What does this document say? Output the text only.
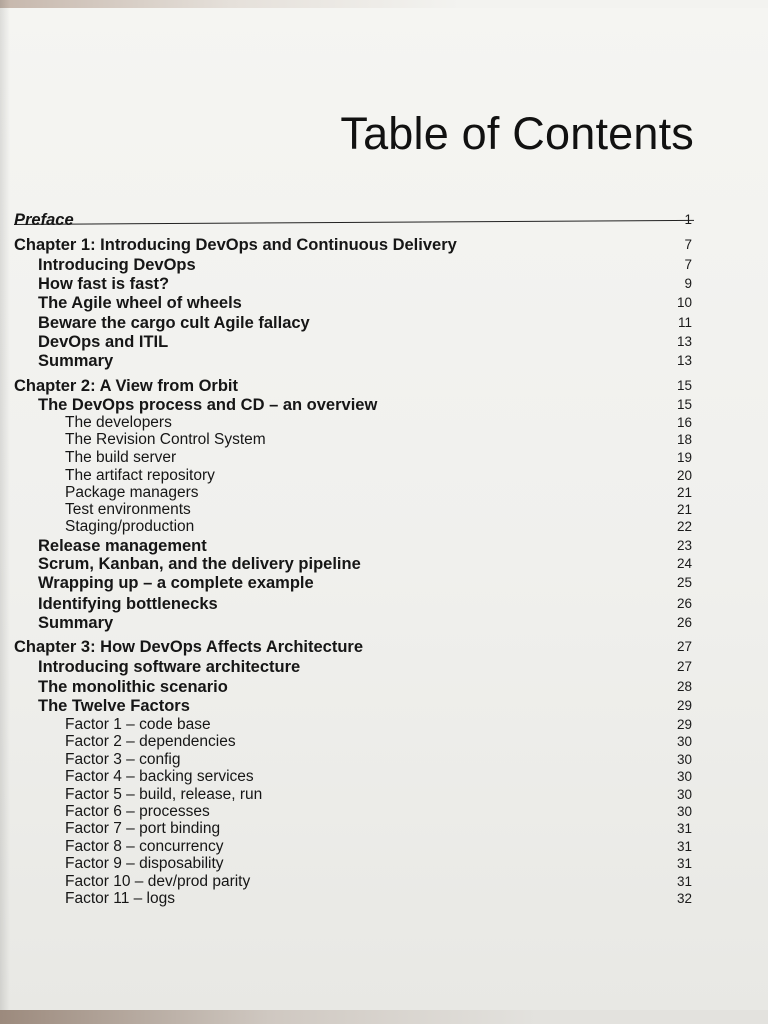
Table of Contents
Preface	1
Chapter 1: Introducing DevOps and Continuous Delivery	7
Introducing DevOps	7
How fast is fast?	9
The Agile wheel of wheels	10
Beware the cargo cult Agile fallacy	11
DevOps and ITIL	13
Summary	13
Chapter 2: A View from Orbit	15
The DevOps process and CD – an overview	15
The developers	16
The Revision Control System	18
The build server	19
The artifact repository	20
Package managers	21
Test environments	21
Staging/production	22
Release management	23
Scrum, Kanban, and the delivery pipeline	24
Wrapping up – a complete example	25
Identifying bottlenecks	26
Summary	26
Chapter 3: How DevOps Affects Architecture	27
Introducing software architecture	27
The monolithic scenario	28
The Twelve Factors	29
Factor 1 – code base	29
Factor 2 – dependencies	30
Factor 3 – config	30
Factor 4 – backing services	30
Factor 5 – build, release, run	30
Factor 6 – processes	30
Factor 7 – port binding	31
Factor 8 – concurrency	31
Factor 9 – disposability	31
Factor 10 – dev/prod parity	31
Factor 11 – logs	32
